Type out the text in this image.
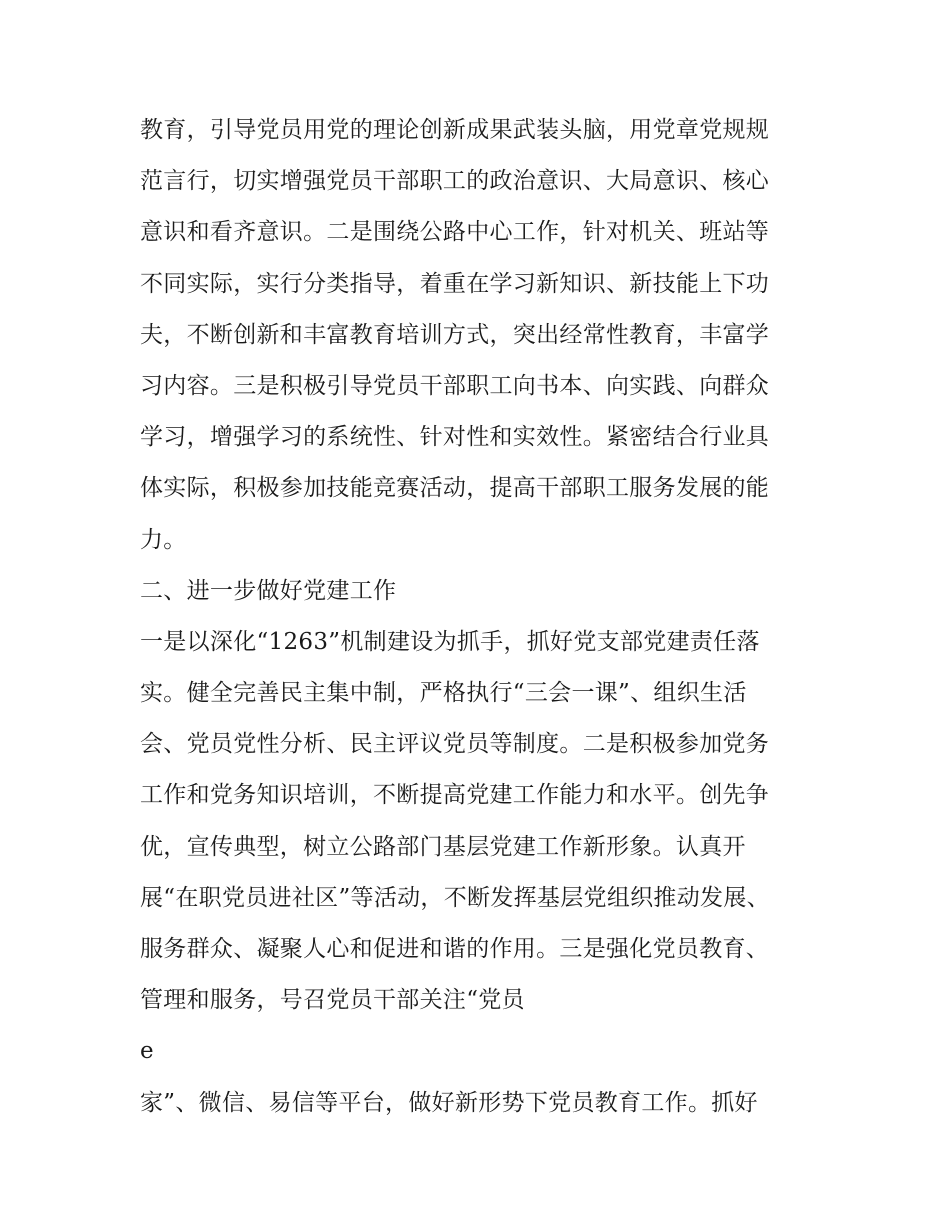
教育，引导党员用党的理论创新成果武装头脑，用党章党规规
范言行，切实增强党员干部职工的政治意识、大局意识、核心
意识和看齐意识。二是围绕公路中心工作，针对机关、班站等
不同实际，实行分类指导，着重在学习新知识、新技能上下功
夫，不断创新和丰富教育培训方式，突出经常性教育，丰富学
习内容。三是积极引导党员干部职工向书本、向实践、向群众
学习，增强学习的系统性、针对性和实效性。紧密结合行业具
体实际，积极参加技能竞赛活动，提高干部职工服务发展的能
力。
二、进一步做好党建工作
一是以深化“1263”机制建设为抓手，抓好党支部党建责任落
实。健全完善民主集中制，严格执行“三会一课”、组织生活
会、党员党性分析、民主评议党员等制度。二是积极参加党务
工作和党务知识培训，不断提高党建工作能力和水平。创先争
优，宣传典型，树立公路部门基层党建工作新形象。认真开
展“在职党员进社区”等活动，不断发挥基层党组织推动发展、
服务群众、凝聚人心和促进和谐的作用。三是强化党员教育、
管理和服务，号召党员干部关注“党员
e
家”、微信、易信等平台，做好新形势下党员教育工作。抓好
